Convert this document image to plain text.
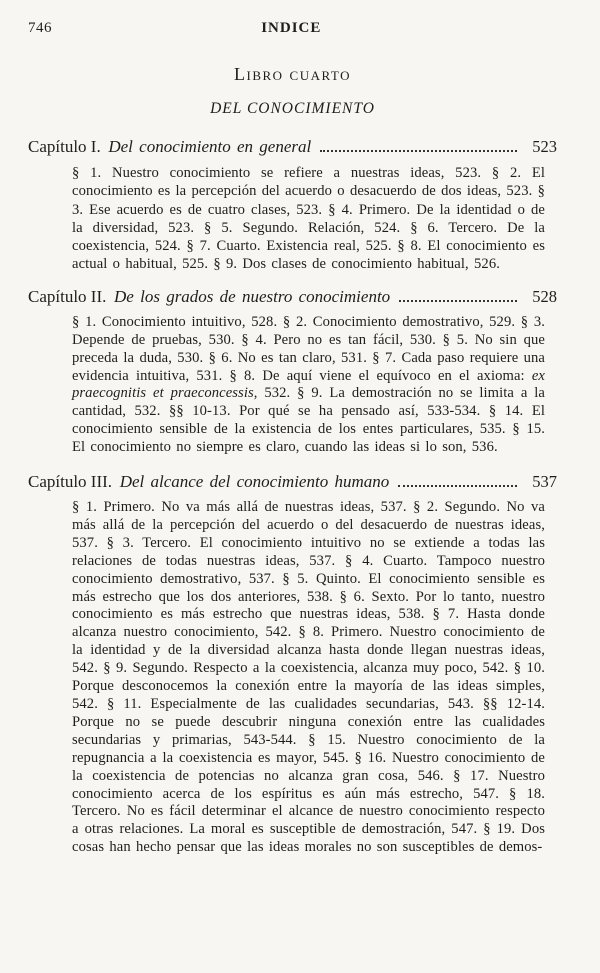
746	INDICE
Libro cuarto
DEL CONOCIMIENTO
Capítulo I. Del conocimiento en general	523

§ 1. Nuestro conocimiento se refiere a nuestras ideas, 523. § 2. El conocimiento es la percepción del acuerdo o desacuerdo de dos ideas, 523. § 3. Ese acuerdo es de cuatro clases, 523. § 4. Primero. De la identidad o de la diversidad, 523. § 5. Segundo. Relación, 524. § 6. Tercero. De la coexistencia, 524. § 7. Cuarto. Existencia real, 525. § 8. El conocimiento es actual o habitual, 525. § 9. Dos clases de conocimiento habitual, 526.

Capítulo II. De los grados de nuestro conocimiento	528

§ 1. Conocimiento intuitivo, 528. § 2. Conocimiento demostrativo, 529. § 3. Depende de pruebas, 530. § 4. Pero no es tan fácil, 530. § 5. No sin que preceda la duda, 530. § 6. No es tan claro, 531. § 7. Cada paso requiere una evidencia intuitiva, 531. § 8. De aquí viene el equívoco en el axioma: ex praecognitis et praeconcessis, 532. § 9. La demostración no se limita a la cantidad, 532. §§ 10-13. Por qué se ha pensado así, 533-534. § 14. El conocimiento sensible de la existencia de los entes particulares, 535. § 15. El conocimiento no siempre es claro, cuando las ideas si lo son, 536.

Capítulo III. Del alcance del conocimiento humano	537

§ 1. Primero. No va más allá de nuestras ideas, 537. § 2. Segundo. No va más allá de la percepción del acuerdo o del desacuerdo de nuestras ideas, 537. § 3. Tercero. El conocimiento intuitivo no se extiende a todas las relaciones de todas nuestras ideas, 537. § 4. Cuarto. Tampoco nuestro conocimiento demostrativo, 537. § 5. Quinto. El conocimiento sensible es más estrecho que los dos anteriores, 538. § 6. Sexto. Por lo tanto, nuestro conocimiento es más estrecho que nuestras ideas, 538. § 7. Hasta donde alcanza nuestro conocimiento, 542. § 8. Primero. Nuestro conocimiento de la identidad y de la diversidad alcanza hasta donde llegan nuestras ideas, 542. § 9. Segundo. Respecto a la coexistencia, alcanza muy poco, 542. § 10. Porque desconocemos la conexión entre la mayoría de las ideas simples, 542. § 11. Especialmente de las cualidades secundarias, 543. §§ 12-14. Porque no se puede descubrir ninguna conexión entre las cualidades secundarias y primarias, 543-544. § 15. Nuestro conocimiento de la repugnancia a la coexistencia es mayor, 545. § 16. Nuestro conocimiento de la coexistencia de potencias no alcanza gran cosa, 546. § 17. Nuestro conocimiento acerca de los espíritus es aún más estrecho, 547. § 18. Tercero. No es fácil determinar el alcance de nuestro conocimiento respecto a otras relaciones. La moral es susceptible de demostración, 547. § 19. Dos cosas han hecho pensar que las ideas morales no son susceptibles de demos-
